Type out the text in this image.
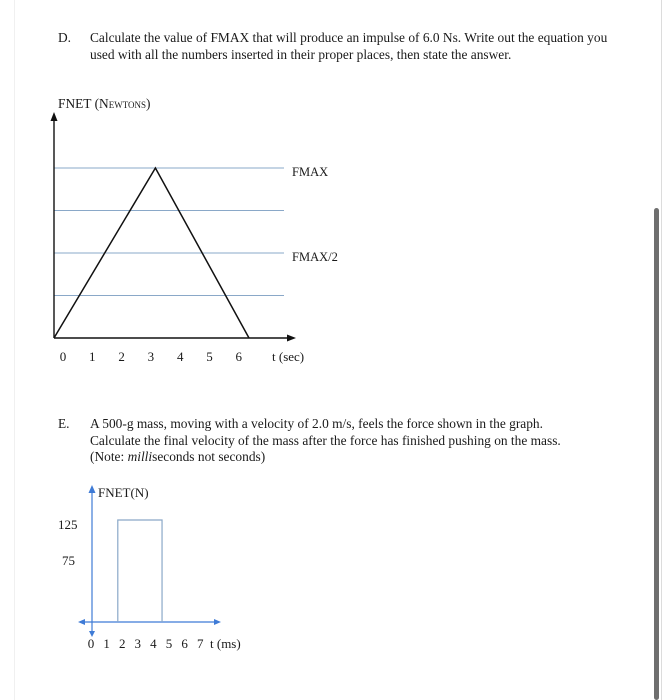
D. Calculate the value of FMAX that will produce an impulse of 6.0 Ns. Write out the equation you used with all the numbers inserted in their proper places, then state the answer.
FNET (Newtons)
0 1 2 3 4 5 6 t (sec)
FMAX
FMAX/2
E. A 500-g mass, moving with a velocity of 2.0 m/s, feels the force shown in the graph.
Calculate the final velocity of the mass after the force has finished pushing on the mass.
(Note: milliseconds not seconds)
FNET(N)
125
75
0 1 2 3 4 5 6 7 t (ms)
